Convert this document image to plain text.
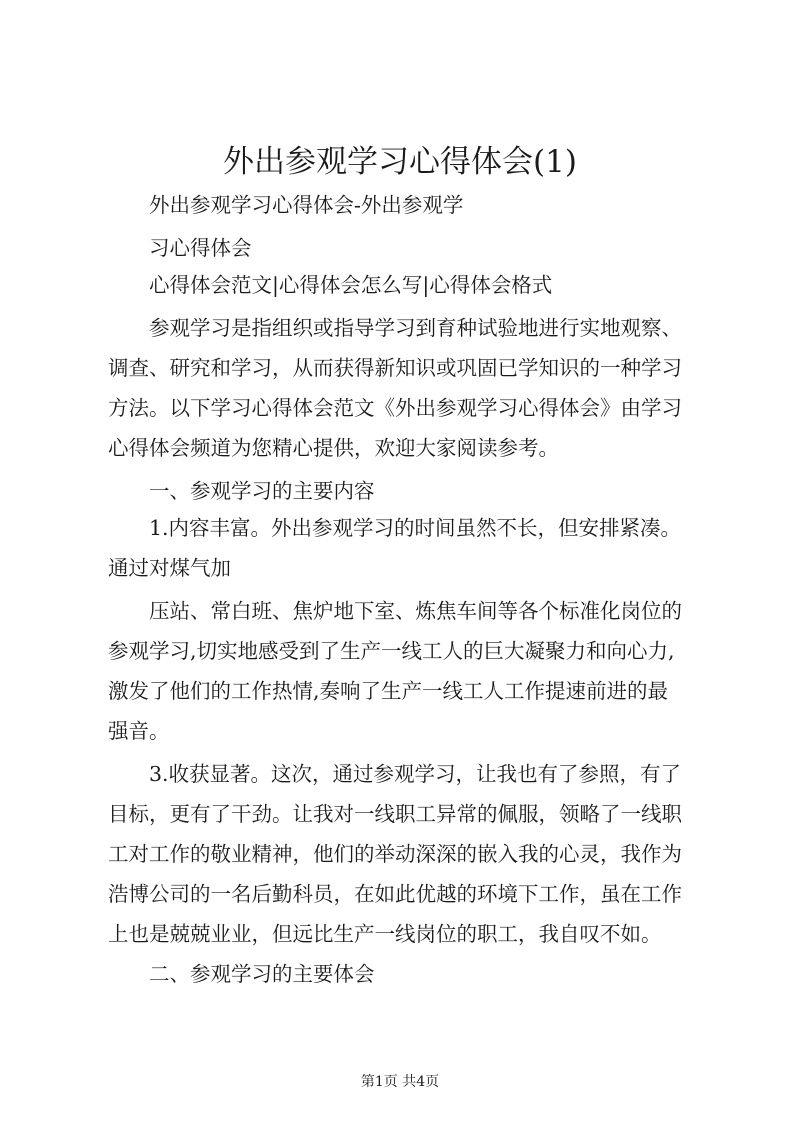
外出参观学习心得体会(1)
外出参观学习心得体会-外出参观学
习心得体会
心得体会范文|心得体会怎么写|心得体会格式
参观学习是指组织或指导学习到育种试验地进行实地观察、
调查、研究和学习，从而获得新知识或巩固已学知识的一种学习
方法。以下学习心得体会范文《外出参观学习心得体会》由学习
心得体会频道为您精心提供，欢迎大家阅读参考。
一、参观学习的主要内容
1.内容丰富。外出参观学习的时间虽然不长，但安排紧凑。
通过对煤气加
压站、常白班、焦炉地下室、炼焦车间等各个标准化岗位的
参观学习,切实地感受到了生产一线工人的巨大凝聚力和向心力,
激发了他们的工作热情,奏响了生产一线工人工作提速前进的最
强音。
3.收获显著。这次，通过参观学习，让我也有了参照，有了
目标，更有了干劲。让我对一线职工异常的佩服，领略了一线职
工对工作的敬业精神，他们的举动深深的嵌入我的心灵，我作为
浩博公司的一名后勤科员，在如此优越的环境下工作，虽在工作
上也是兢兢业业，但远比生产一线岗位的职工，我自叹不如。
二、参观学习的主要体会
第1页 共4页
